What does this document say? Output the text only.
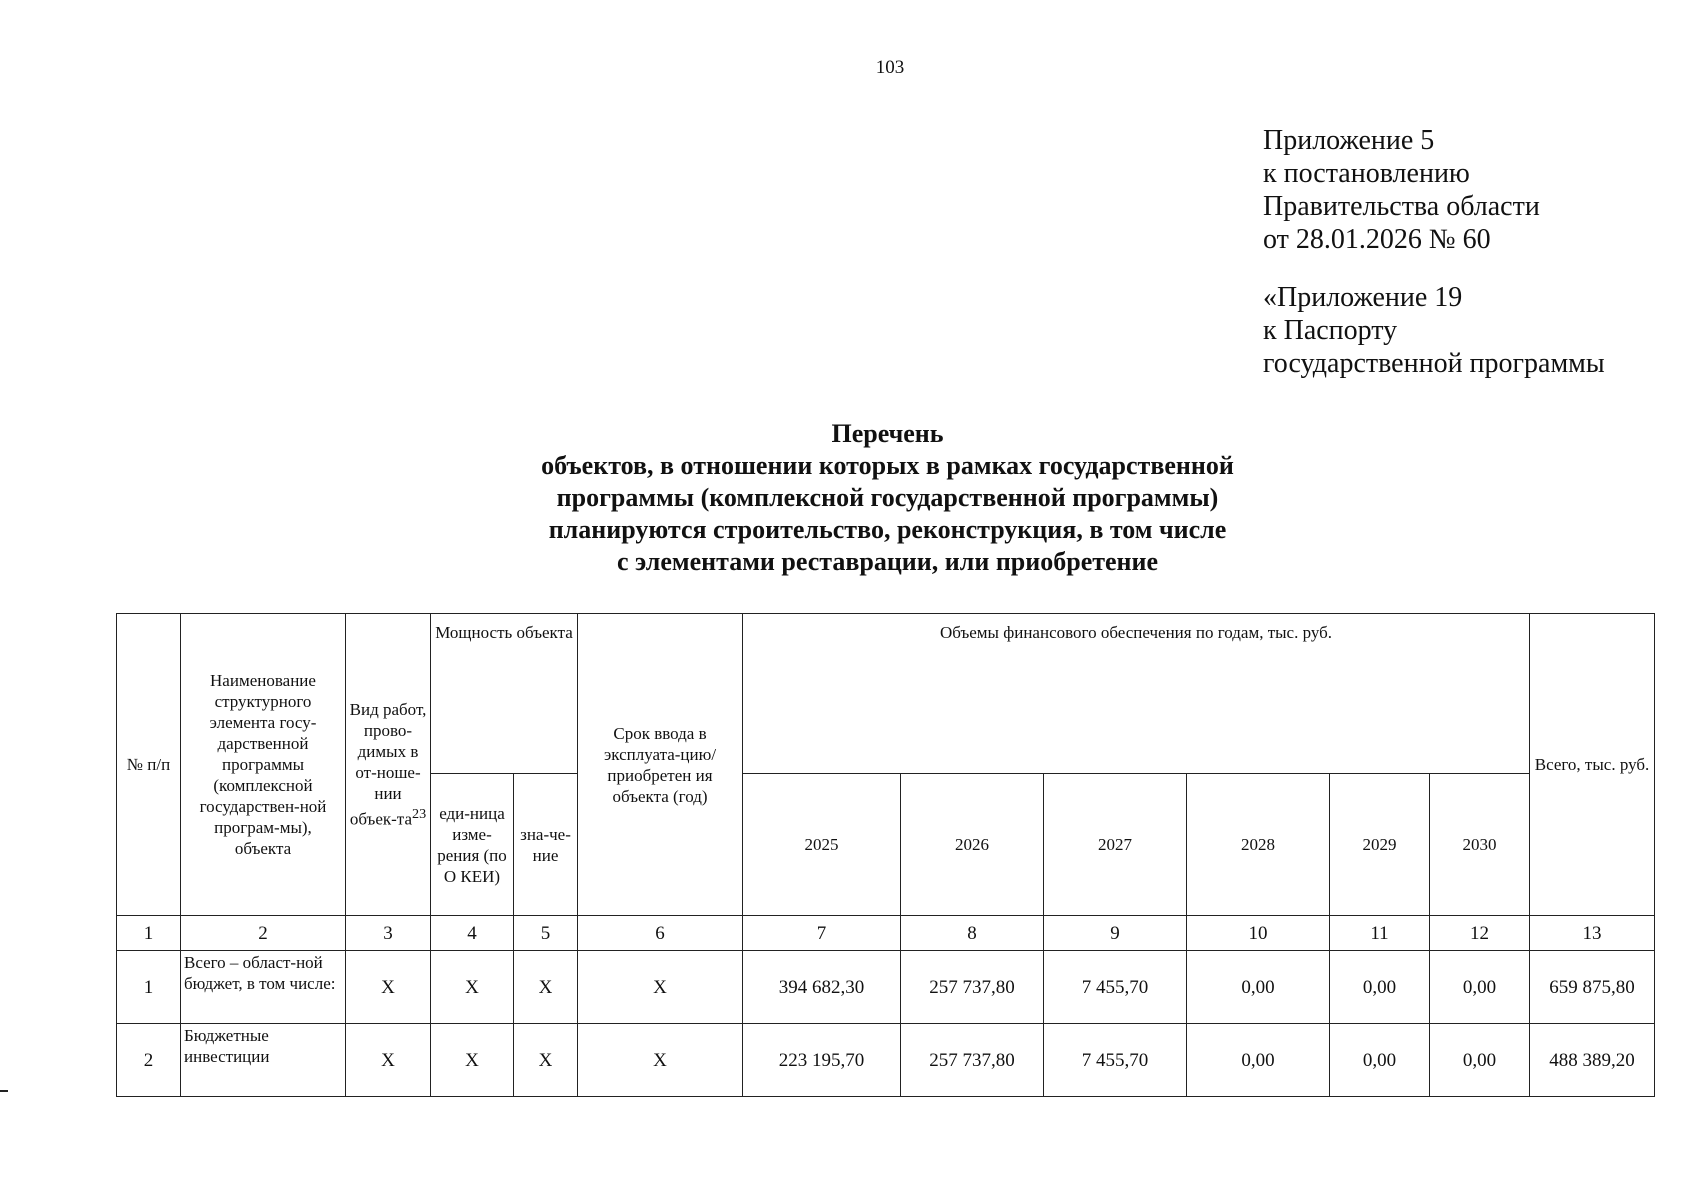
103
Приложение 5
к постановлению
Правительства области
от 28.01.2026 № 60
«Приложение 19
к Паспорту
государственной программы
Перечень
объектов, в отношении которых в рамках государственной
программы (комплексной государственной программы)
планируются строительство, реконструкция, в том числе
с элементами реставрации, или приобретение
№ п/п	Наименование структурного элемента госу-дарственной программы (комплексной государствен-ной програм-мы), объекта	Вид работ, прово-димых в от-ноше-нии объек-$та^{23}$	Мощность объекта		Срок ввода в эксплуата-цию/приобретен ия объекта (год)	Объемы финансового обеспечения по годам, тыс. руб.						Всего, тыс. руб.
			еди-ница изме-рения (по О КЕИ)	зна-че-ние		2025	2026	2027	2028	2029	2030	
1	2	3	4	5	6	7	8	9	10	11	12	13
1	Всего – област-ной бюджет, в том числе:	X	X	X	X	394 682,30	257 737,80	7 455,70	0,00	0,00	0,00	659 875,80
2	Бюджетные инвестиции	X	X	X	X	223 195,70	257 737,80	7 455,70	0,00	0,00	0,00	488 389,20
